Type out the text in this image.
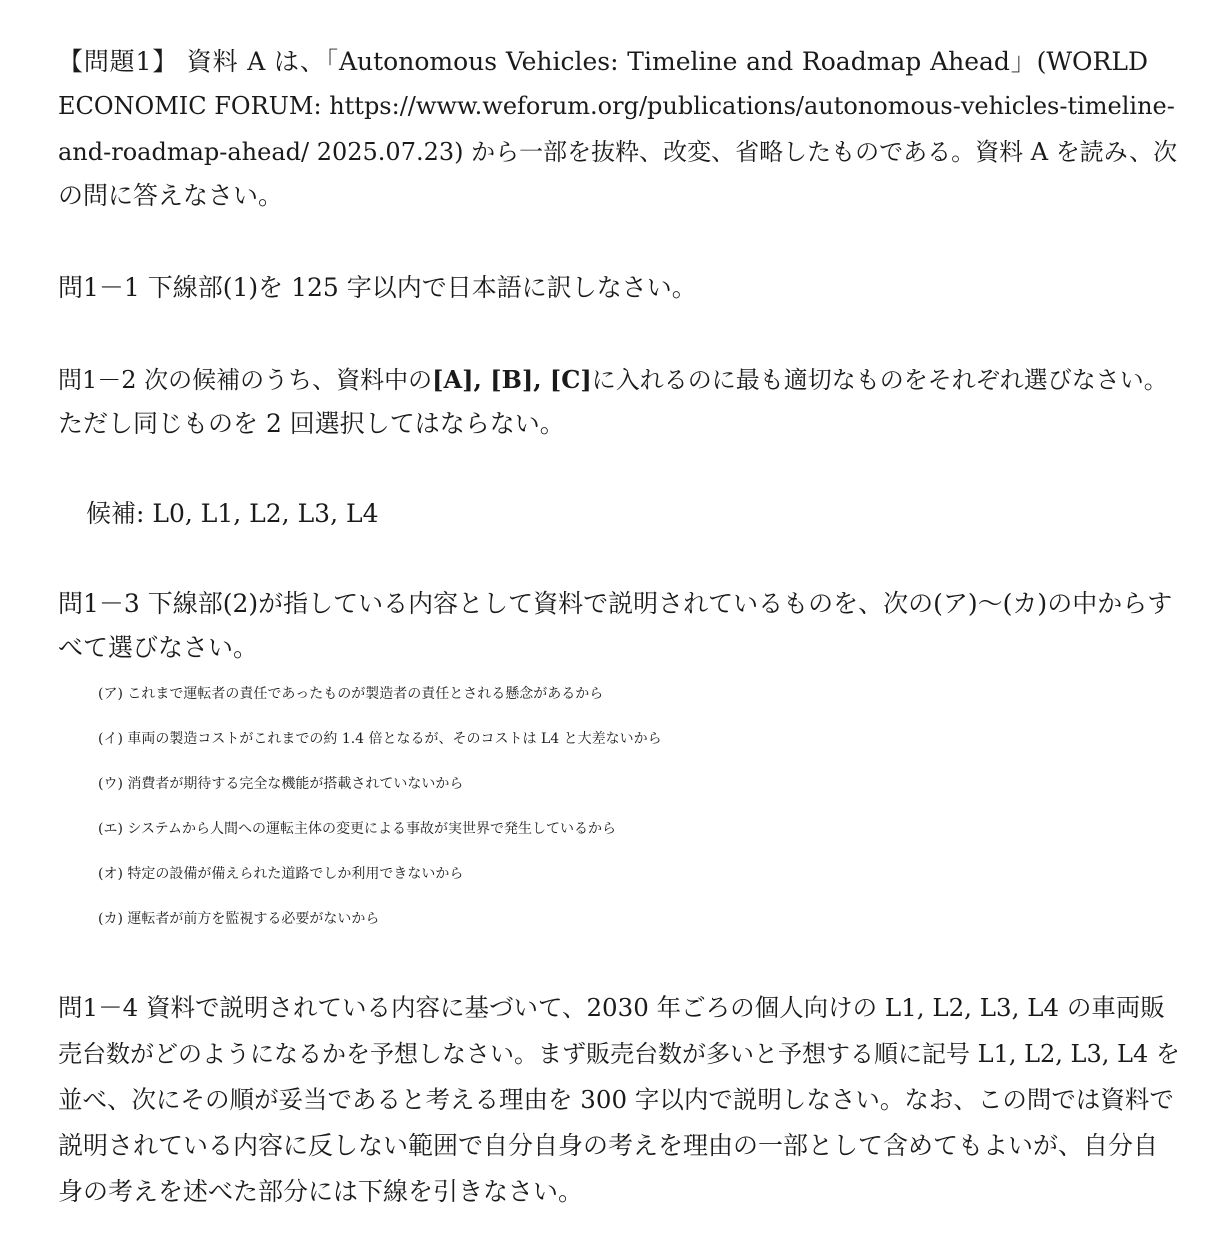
【問題1】 資料 A は、「Autonomous Vehicles: Timeline and Roadmap Ahead」(WORLD
ECONOMIC FORUM: https://www.weforum.org/publications/autonomous-vehicles-timeline-
and-roadmap-ahead/ 2025.07.23) から一部を抜粋、改変、省略したものである。資料 A を読み、次
の問に答えなさい。
問1－1 下線部(1)を 125 字以内で日本語に訳しなさい。
問1－2 次の候補のうち、資料中の[A], [B], [C]に入れるのに最も適切なものをそれぞれ選びなさい。
ただし同じものを 2 回選択してはならない。
候補: L0, L1, L2, L3, L4
問1－3 下線部(2)が指している内容として資料で説明されているものを、次の(ア)～(カ)の中からす
べて選びなさい。
(ア) これまで運転者の責任であったものが製造者の責任とされる懸念があるから
(イ) 車両の製造コストがこれまでの約 1.4 倍となるが、そのコストは L4 と大差ないから
(ウ) 消費者が期待する完全な機能が搭載されていないから
(エ) システムから人間への運転主体の変更による事故が実世界で発生しているから
(オ) 特定の設備が備えられた道路でしか利用できないから
(カ) 運転者が前方を監視する必要がないから
問1－4 資料で説明されている内容に基づいて、2030 年ごろの個人向けの L1, L2, L3, L4 の車両販
売台数がどのようになるかを予想しなさい。まず販売台数が多いと予想する順に記号 L1, L2, L3, L4 を
並べ、次にその順が妥当であると考える理由を 300 字以内で説明しなさい。なお、この問では資料で
説明されている内容に反しない範囲で自分自身の考えを理由の一部として含めてもよいが、自分自
身の考えを述べた部分には下線を引きなさい。
